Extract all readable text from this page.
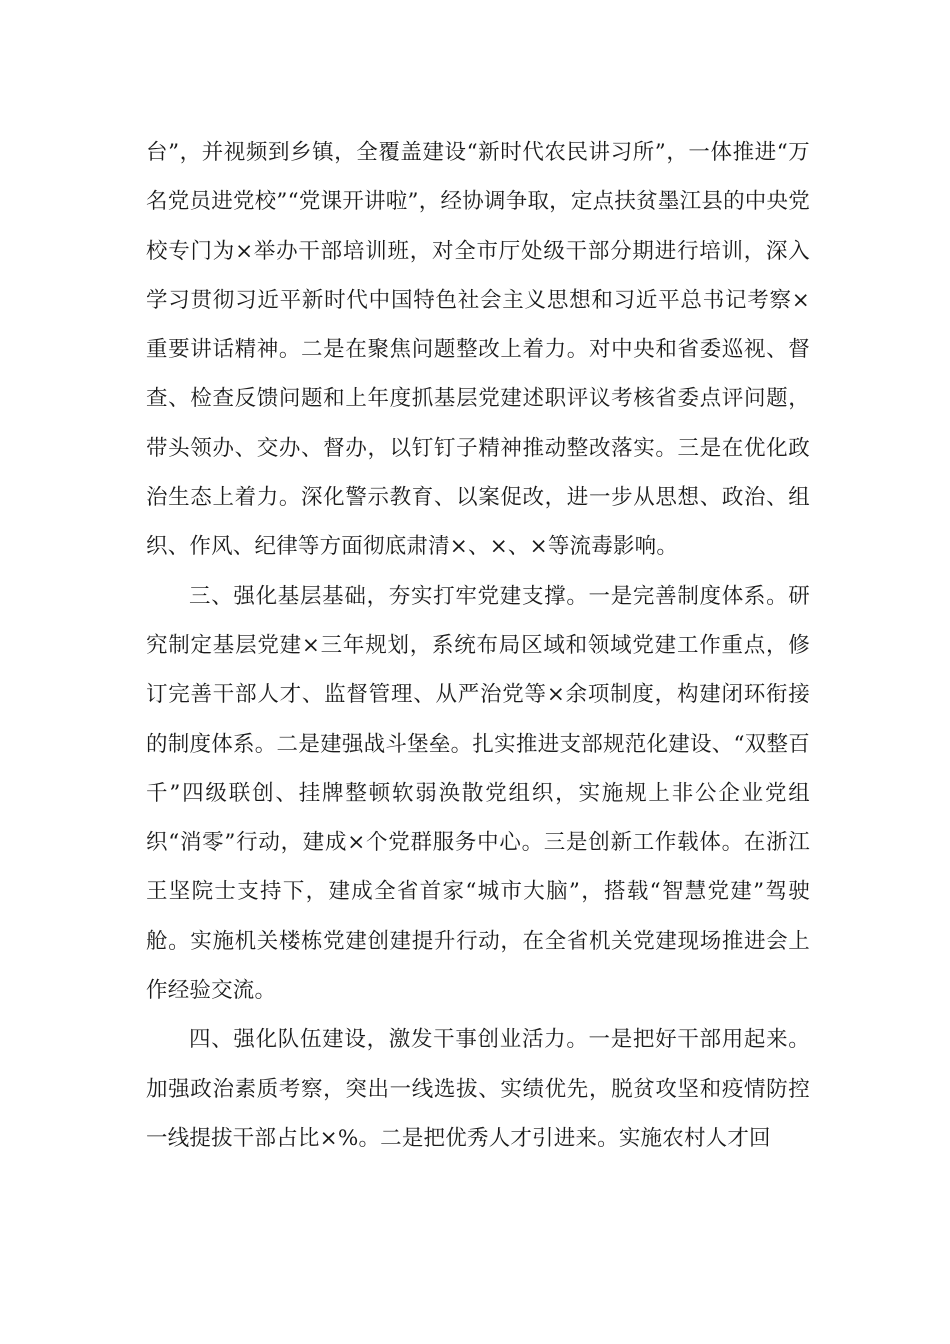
台”，并视频到乡镇，全覆盖建设“新时代农民讲习所”，一体推进“万名党员进党校”“党课开讲啦”，经协调争取，定点扶贫墨江县的中央党校专门为×举办干部培训班，对全市厅处级干部分期进行培训，深入学习贯彻习近平新时代中国特色社会主义思想和习近平总书记考察×重要讲话精神。二是在聚焦问题整改上着力。对中央和省委巡视、督查、检查反馈问题和上年度抓基层党建述职评议考核省委点评问题，带头领办、交办、督办，以钉钉子精神推动整改落实。三是在优化政治生态上着力。深化警示教育、以案促改，进一步从思想、政治、组织、作风、纪律等方面彻底肃清×、×、×等流毒影响。

三、强化基层基础，夯实打牢党建支撑。一是完善制度体系。研究制定基层党建×三年规划，系统布局区域和领域党建工作重点，修订完善干部人才、监督管理、从严治党等×余项制度，构建闭环衔接的制度体系。二是建强战斗堡垒。扎实推进支部规范化建设、“双整百千”四级联创、挂牌整顿软弱涣散党组织，实施规上非公企业党组织“消零”行动，建成×个党群服务中心。三是创新工作载体。在浙江王坚院士支持下，建成全省首家“城市大脑”，搭载“智慧党建”驾驶舱。实施机关楼栋党建创建提升行动，在全省机关党建现场推进会上作经验交流。

四、强化队伍建设，激发干事创业活力。一是把好干部用起来。加强政治素质考察，突出一线选拔、实绩优先，脱贫攻坚和疫情防控一线提拔干部占比×%。二是把优秀人才引进来。实施农村人才回
